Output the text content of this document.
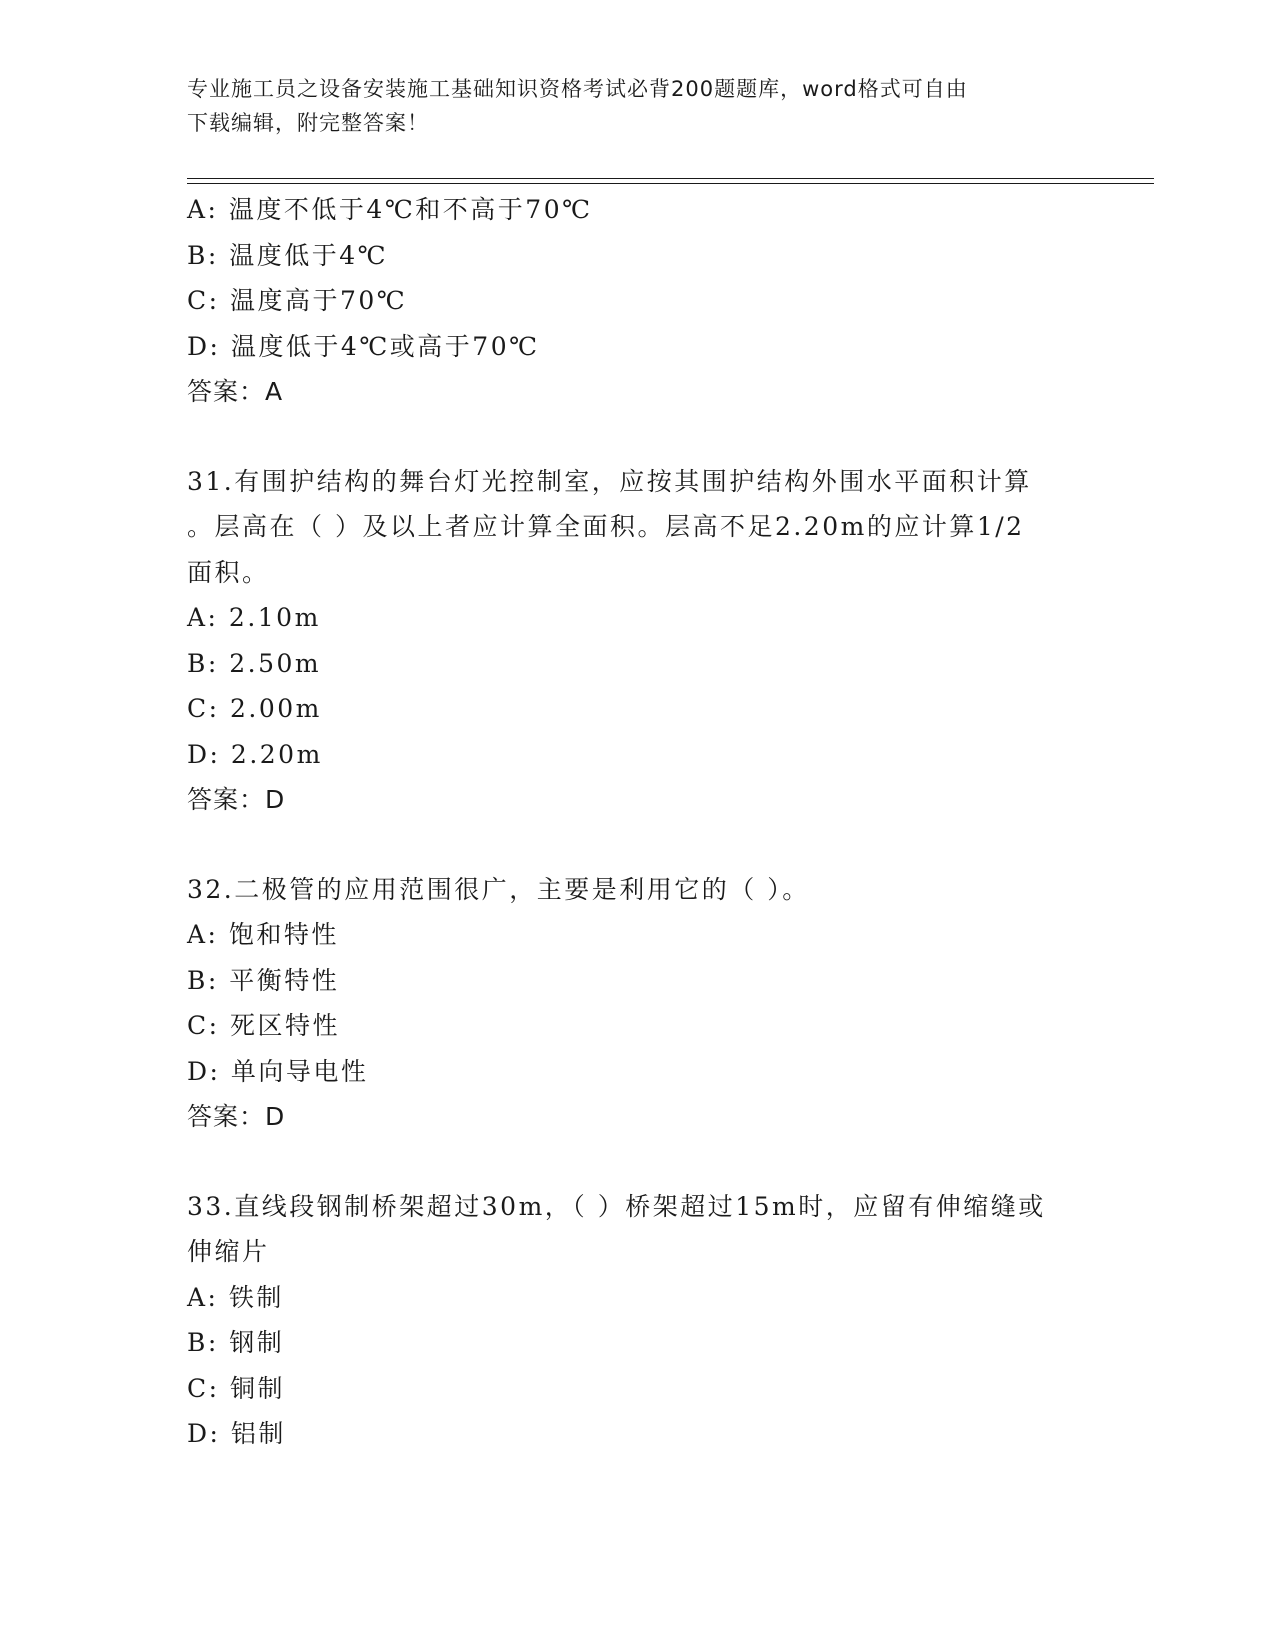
专业施工员之设备安装施工基础知识资格考试必背200题题库，word格式可自由
下载编辑，附完整答案！
A: 温度不低于4℃和不高于70℃
B: 温度低于4℃
C: 温度高于70℃
D: 温度低于4℃或高于70℃
答案：A
31.有围护结构的舞台灯光控制室，应按其围护结构外围水平面积计算
。层高在（ ）及以上者应计算全面积。层高不足2.20m的应计算1/2
面积。
A: 2.10m
B: 2.50m
C: 2.00m
D: 2.20m
答案：D
32.二极管的应用范围很广，主要是利用它的（ ）。
A: 饱和特性
B: 平衡特性
C: 死区特性
D: 单向导电性
答案：D
33.直线段钢制桥架超过30m，（ ）桥架超过15m时，应留有伸缩缝或
伸缩片
A: 铁制
B: 钢制
C: 铜制
D: 铝制
